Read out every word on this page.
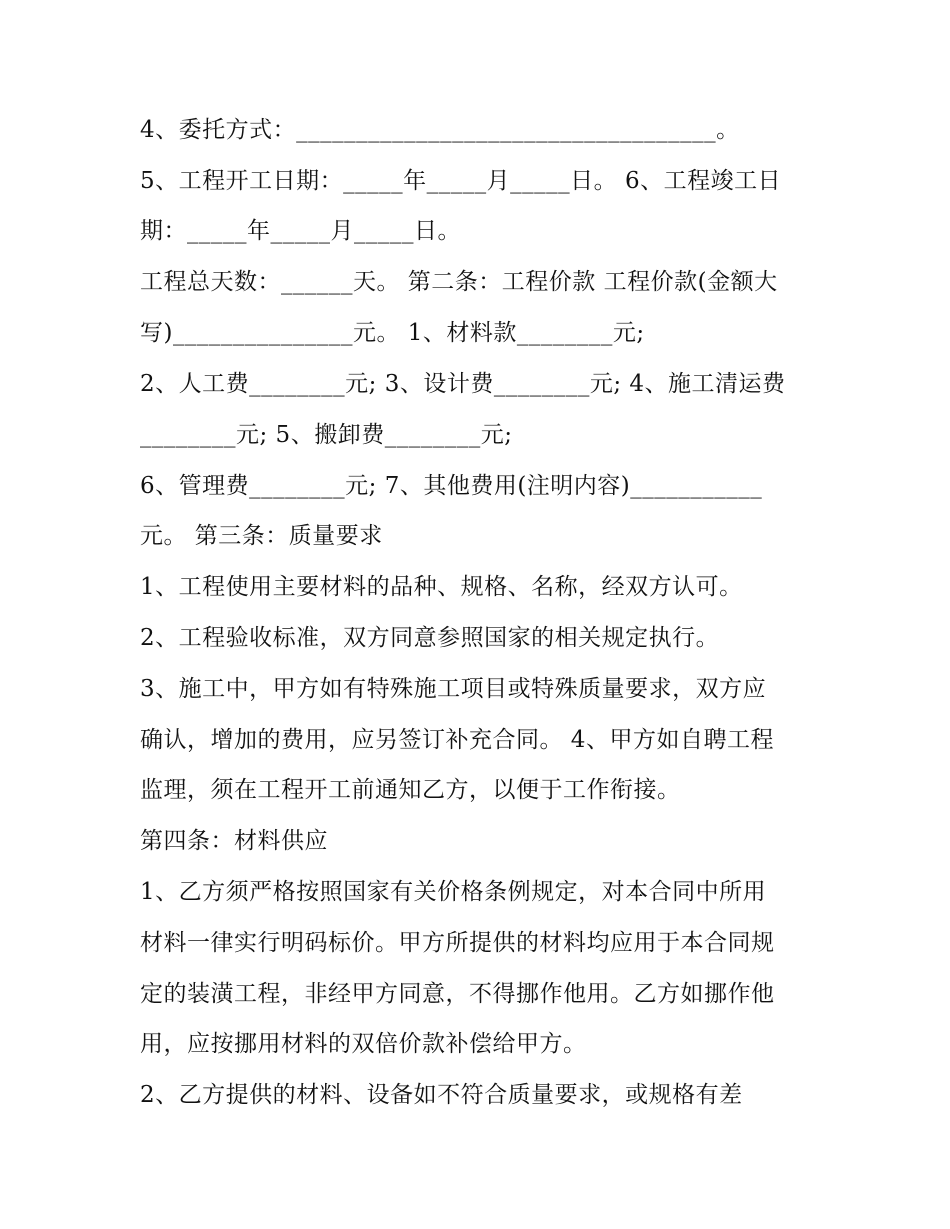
4、委托方式：___________________________________。
5、工程开工日期：_____年_____月_____日。 6、工程竣工日
期：_____年_____月_____日。
工程总天数：______天。 第二条：工程价款 工程价款(金额大
写)_______________元。 1、材料款________元;
2、人工费________元; 3、设计费________元; 4、施工清运费
________元; 5、搬卸费________元;
6、管理费________元; 7、其他费用(注明内容)___________
元。 第三条：质量要求
1、工程使用主要材料的品种、规格、名称，经双方认可。
2、工程验收标准，双方同意参照国家的相关规定执行。
3、施工中，甲方如有特殊施工项目或特殊质量要求，双方应
确认，增加的费用，应另签订补充合同。 4、甲方如自聘工程
监理，须在工程开工前通知乙方，以便于工作衔接。
第四条：材料供应
1、乙方须严格按照国家有关价格条例规定，对本合同中所用
材料一律实行明码标价。甲方所提供的材料均应用于本合同规
定的装潢工程，非经甲方同意，不得挪作他用。乙方如挪作他
用，应按挪用材料的双倍价款补偿给甲方。
2、乙方提供的材料、设备如不符合质量要求，或规格有差
